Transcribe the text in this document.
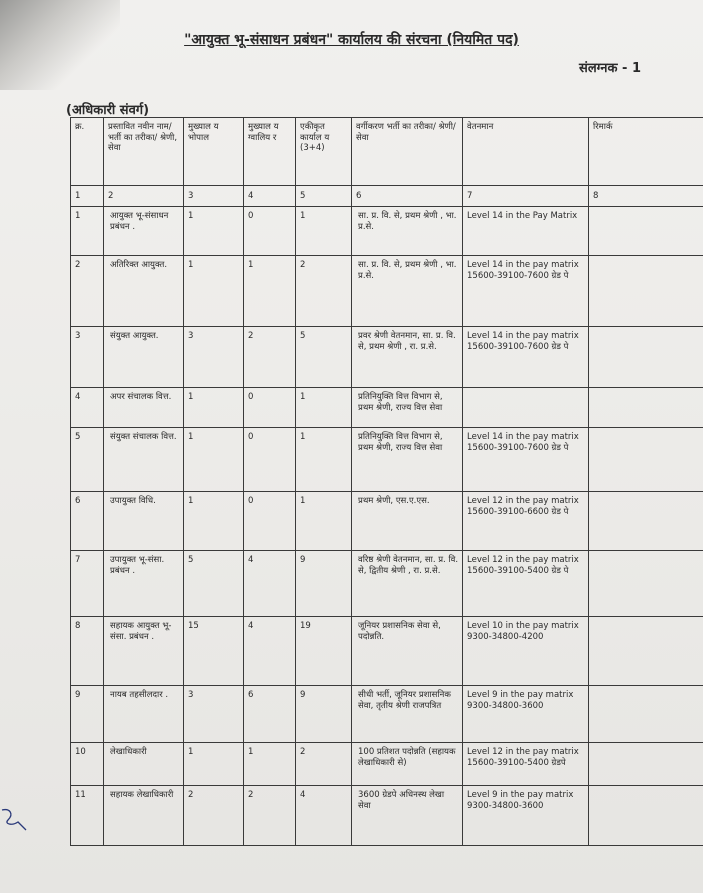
"आयुक्त भू-संसाधन प्रबंधन" कार्यालय की संरचना (नियमित पद)
संलग्नक - 1
(अधिकारी संवर्ग)
क्र.	प्रस्तावित नवीन नाम/ भर्ती का तरीका/ श्रेणी, सेवा	मुख्याल य भोपाल	मुख्याल य ग्वालिय र	एकीकृत कार्याल य (3+4)	वर्गीकरण भर्ती का तरीका/ श्रेणी/ सेवा	वेतनमान	रिमार्क
1	2	3	4	5	6	7	8
1	आयुक्त भू-संसाधन प्रबंधन .	1	0	1	सा. प्र. वि. से, प्रथम श्रेणी , भा. प्र.से.	Level 14 in the Pay Matrix	
2	अतिरिक्त आयुक्त.	1	1	2	सा. प्र. वि. से, प्रथम श्रेणी , भा. प्र.से.	Level 14 in the pay matrix 15600-39100-7600 ग्रेड पे	
3	संयुक्त आयुक्त.	3	2	5	प्रवर श्रेणी वेतनमान, सा. प्र. वि. से, प्रथम श्रेणी , रा. प्र.से.	Level 14 in the pay matrix 15600-39100-7600 ग्रेड पे	
4	अपर संचालक वित्त.	1	0	1	प्रतिनियुक्ति वित्त विभाग से, प्रथम श्रेणी, राज्य वित्त सेवा		
5	संयुक्त संचालक वित्त.	1	0	1	प्रतिनियुक्ति वित्त विभाग से, प्रथम श्रेणी, राज्य वित्त सेवा	Level 14 in the pay matrix 15600-39100-7600 ग्रेड पे	
6	उपायुक्त विधि.	1	0	1	प्रथम श्रेणी, एस.ए.एस.	Level 12 in the pay matrix 15600-39100-6600 ग्रेड पे	
7	उपायुक्त भू-संसा. प्रबंधन .	5	4	9	वरिष्ठ श्रेणी वेतनमान, सा. प्र. वि. से, द्वितीय श्रेणी , रा. प्र.से.	Level 12 in the pay matrix 15600-39100-5400 ग्रेड पे	
8	सहायक आयुक्त भू-संसा. प्रबंधन .	15	4	19	जूनियर प्रशासनिक सेवा से, पदोन्नति.	Level 10 in the pay matrix 9300-34800-4200	
9	नायब तहसीलदार .	3	6	9	सीधी भर्ती, जूनियर प्रशासनिक सेवा, तृतीय श्रेणी राजपत्रित	Level 9 in the pay matrix 9300-34800-3600	
10	लेखाधिकारी	1	1	2	100 प्रतिशत पदोन्नति (सहायक लेखाधिकारी से)	Level 12 in the pay matrix 15600-39100-5400 ग्रेडपे	
11	सहायक लेखाधिकारी	2	2	4	3600 ग्रेडपे अधिनस्थ लेखा सेवा	Level 9 in the pay matrix 9300-34800-3600	
